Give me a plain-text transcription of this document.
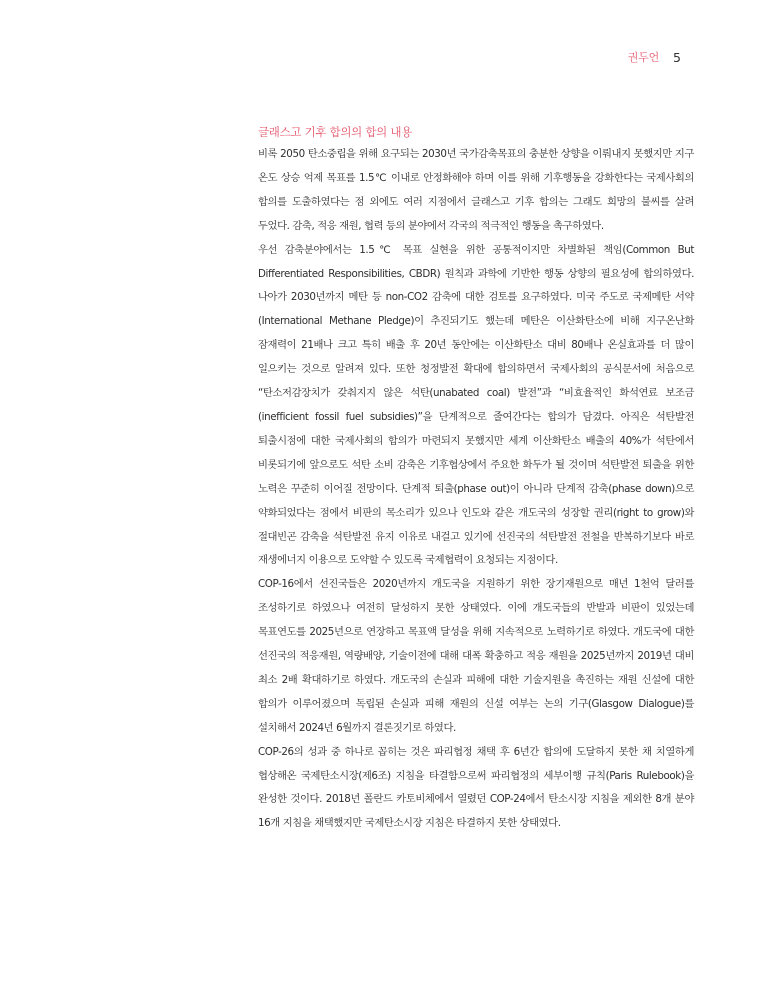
권두언 5
글래스고 기후 합의의 합의 내용

비록 2050 탄소중립을 위해 요구되는 2030년 국가감축목표의 충분한 상향을 이뤄내지 못했지만 지구 온도 상승 억제 목표를 1.5℃ 이내로 안정화해야 하며 이를 위해 기후행동을 강화한다는 국제사회의 합의를 도출하였다는 점 외에도 여러 지점에서 글래스고 기후 합의는 그래도 희망의 불씨를 살려 두었다. 감축, 적응 재원, 협력 등의 분야에서 각국의 적극적인 행동을 촉구하였다.

우선 감축분야에서는 1.5℃ 목표 실현을 위한 공통적이지만 차별화된 책임(Common But Differentiated Responsibilities, CBDR) 원칙과 과학에 기반한 행동 상향의 필요성에 합의하였다. 나아가 2030년까지 메탄 등 non-CO2 감축에 대한 검토를 요구하였다. 미국 주도로 국제메탄 서약(International Methane Pledge)이 추진되기도 했는데 메탄은 이산화탄소에 비해 지구온난화 잠재력이 21배나 크고 특히 배출 후 20년 동안에는 이산화탄소 대비 80배나 온실효과를 더 많이 일으키는 것으로 알려져 있다. 또한 청정발전 확대에 합의하면서 국제사회의 공식문서에 처음으로 “탄소저감장치가 갖춰지지 않은 석탄(unabated coal) 발전”과 “비효율적인 화석연료 보조금(inefficient fossil fuel subsidies)”을 단계적으로 줄여간다는 합의가 담겼다. 아직은 석탄발전 퇴출시점에 대한 국제사회의 합의가 마련되지 못했지만 세계 이산화탄소 배출의 40%가 석탄에서 비롯되기에 앞으로도 석탄 소비 감축은 기후협상에서 주요한 화두가 될 것이며 석탄발전 퇴출을 위한 노력은 꾸준히 이어질 전망이다. 단계적 퇴출(phase out)이 아니라 단계적 감축(phase down)으로 약화되었다는 점에서 비판의 목소리가 있으나 인도와 같은 개도국의 성장할 권리(right to grow)와 절대빈곤 감축을 석탄발전 유지 이유로 내걸고 있기에 선진국의 석탄발전 전철을 반복하기보다 바로 재생에너지 이용으로 도약할 수 있도록 국제협력이 요청되는 지점이다.

COP-16에서 선진국들은 2020년까지 개도국을 지원하기 위한 장기재원으로 매년 1천억 달러를 조성하기로 하였으나 여전히 달성하지 못한 상태였다. 이에 개도국들의 반발과 비판이 있었는데 목표연도를 2025년으로 연장하고 목표액 달성을 위해 지속적으로 노력하기로 하였다. 개도국에 대한 선진국의 적응재원, 역량배양, 기술이전에 대해 대폭 확충하고 적응 재원을 2025년까지 2019년 대비 최소 2배 확대하기로 하였다. 개도국의 손실과 피해에 대한 기술지원을 촉진하는 재원 신설에 대한 합의가 이루어졌으며 독립된 손실과 피해 재원의 신설 여부는 논의 기구(Glasgow Dialogue)를 설치해서 2024년 6월까지 결론짓기로 하였다.

COP-26의 성과 중 하나로 꼽히는 것은 파리협정 채택 후 6년간 합의에 도달하지 못한 채 치열하게 협상해온 국제탄소시장(제6조) 지침을 타결함으로써 파리협정의 세부이행 규칙(Paris Rulebook)을 완성한 것이다. 2018년 폴란드 카토비체에서 열렸던 COP-24에서 탄소시장 지침을 제외한 8개 분야 16개 지침을 채택했지만 국제탄소시장 지침은 타결하지 못한 상태였다.
